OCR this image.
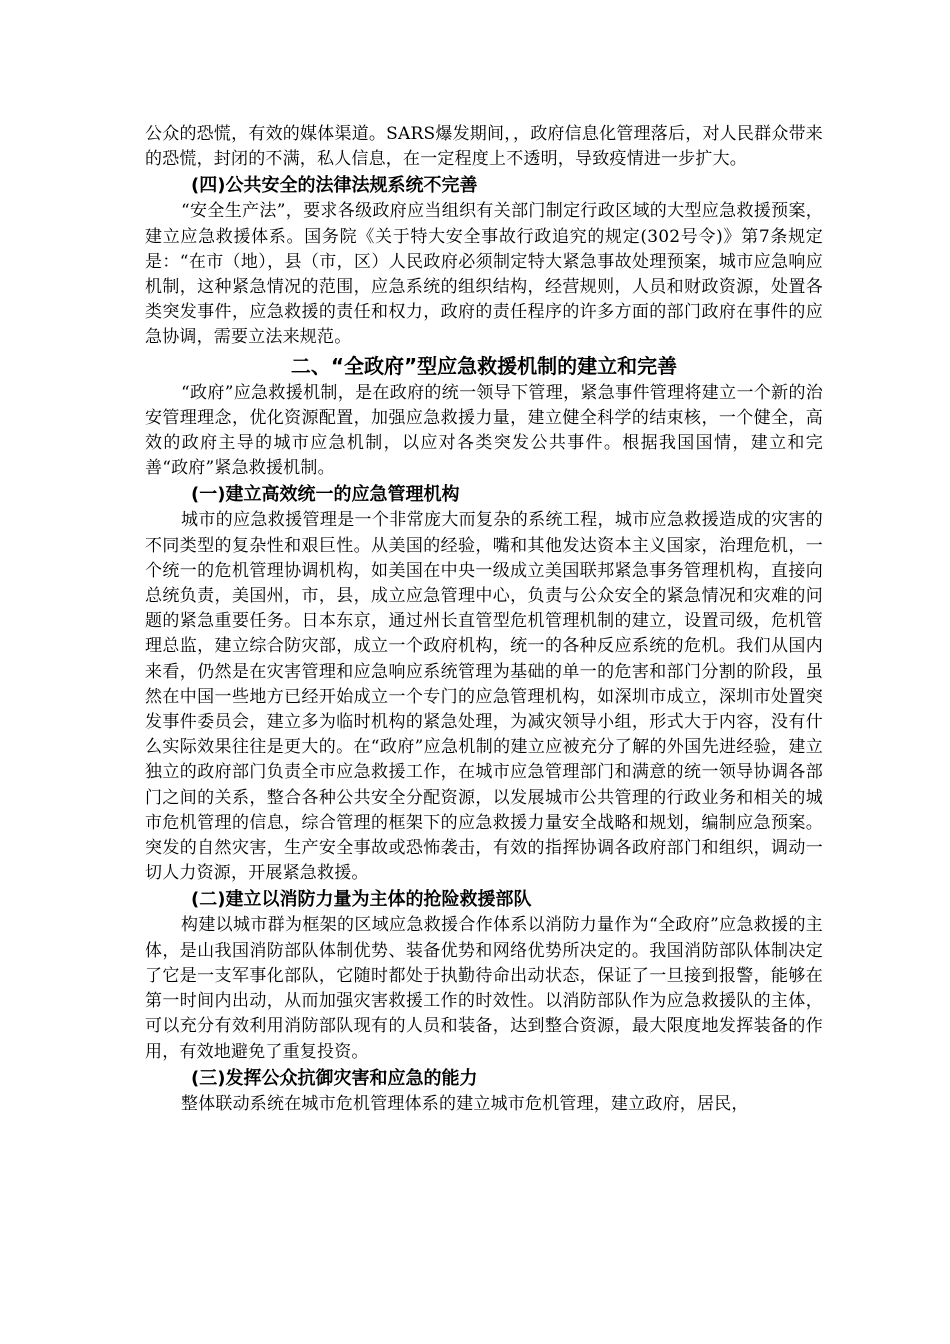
公众的恐慌，有效的媒体渠道。SARS爆发期间，，政府信息化管理落后，对人民群众带来的恐慌，封闭的不满，私人信息，在一定程度上不透明，导致疫情进一步扩大。

(四)公共安全的法律法规系统不完善

“安全生产法”，要求各级政府应当组织有关部门制定行政区域的大型应急救援预案，建立应急救援体系。国务院《关于特大安全事故行政追究的规定(302号令)》第7条规定是：“在市（地），县（市，区）人民政府必须制定特大紧急事故处理预案，城市应急响应机制，这种紧急情况的范围，应急系统的组织结构，经营规则，人员和财政资源，处置各类突发事件，应急救援的责任和权力，政府的责任程序的许多方面的部门政府在事件的应急协调，需要立法来规范。

二、“全政府”型应急救援机制的建立和完善

“政府”应急救援机制，是在政府的统一领导下管理，紧急事件管理将建立一个新的治安管理理念，优化资源配置，加强应急救援力量，建立健全科学的结束核，一个健全，高效的政府主导的城市应急机制，以应对各类突发公共事件。根据我国国情，建立和完善“政府”紧急救援机制。

(一)建立高效统一的应急管理机构

城市的应急救援管理是一个非常庞大而复杂的系统工程，城市应急救援造成的灾害的不同类型的复杂性和艰巨性。从美国的经验，嘴和其他发达资本主义国家，治理危机，一个统一的危机管理协调机构，如美国在中央一级成立美国联邦紧急事务管理机构，直接向总统负责，美国州，市，县，成立应急管理中心，负责与公众安全的紧急情况和灾难的问题的紧急重要任务。日本东京，通过州长直管型危机管理机制的建立，设置司级，危机管理总监，建立综合防灾部，成立一个政府机构，统一的各种反应系统的危机。我们从国内来看，仍然是在灾害管理和应急响应系统管理为基础的单一的危害和部门分割的阶段，虽然在中国一些地方已经开始成立一个专门的应急管理机构，如深圳市成立，深圳市处置突发事件委员会，建立多为临时机构的紧急处理，为减灾领导小组，形式大于内容，没有什么实际效果往往是更大的。在“政府”应急机制的建立应被充分了解的外国先进经验，建立独立的政府部门负责全市应急救援工作，在城市应急管理部门和满意的统一领导协调各部门之间的关系，整合各种公共安全分配资源，以发展城市公共管理的行政业务和相关的城市危机管理的信息，综合管理的框架下的应急救援力量安全战略和规划，编制应急预案。突发的自然灾害，生产安全事故或恐怖袭击，有效的指挥协调各政府部门和组织，调动一切人力资源，开展紧急救援。

(二)建立以消防力量为主体的抢险救援部队

构建以城市群为框架的区域应急救援合作体系以消防力量作为“全政府”应急救援的主体，是山我国消防部队体制优势、装备优势和网络优势所决定的。我国消防部队体制决定了它是一支军事化部队，它随时都处于执勤待命出动状态，保证了一旦接到报警，能够在第一时间内出动，从而加强灾害救援工作的时效性。以消防部队作为应急救援队的主体，可以充分有效利用消防部队现有的人员和装备，达到整合资源，最大限度地发挥装备的作用，有效地避免了重复投资。

(三)发挥公众抗御灾害和应急的能力

整体联动系统在城市危机管理体系的建立城市危机管理，建立政府，居民，
